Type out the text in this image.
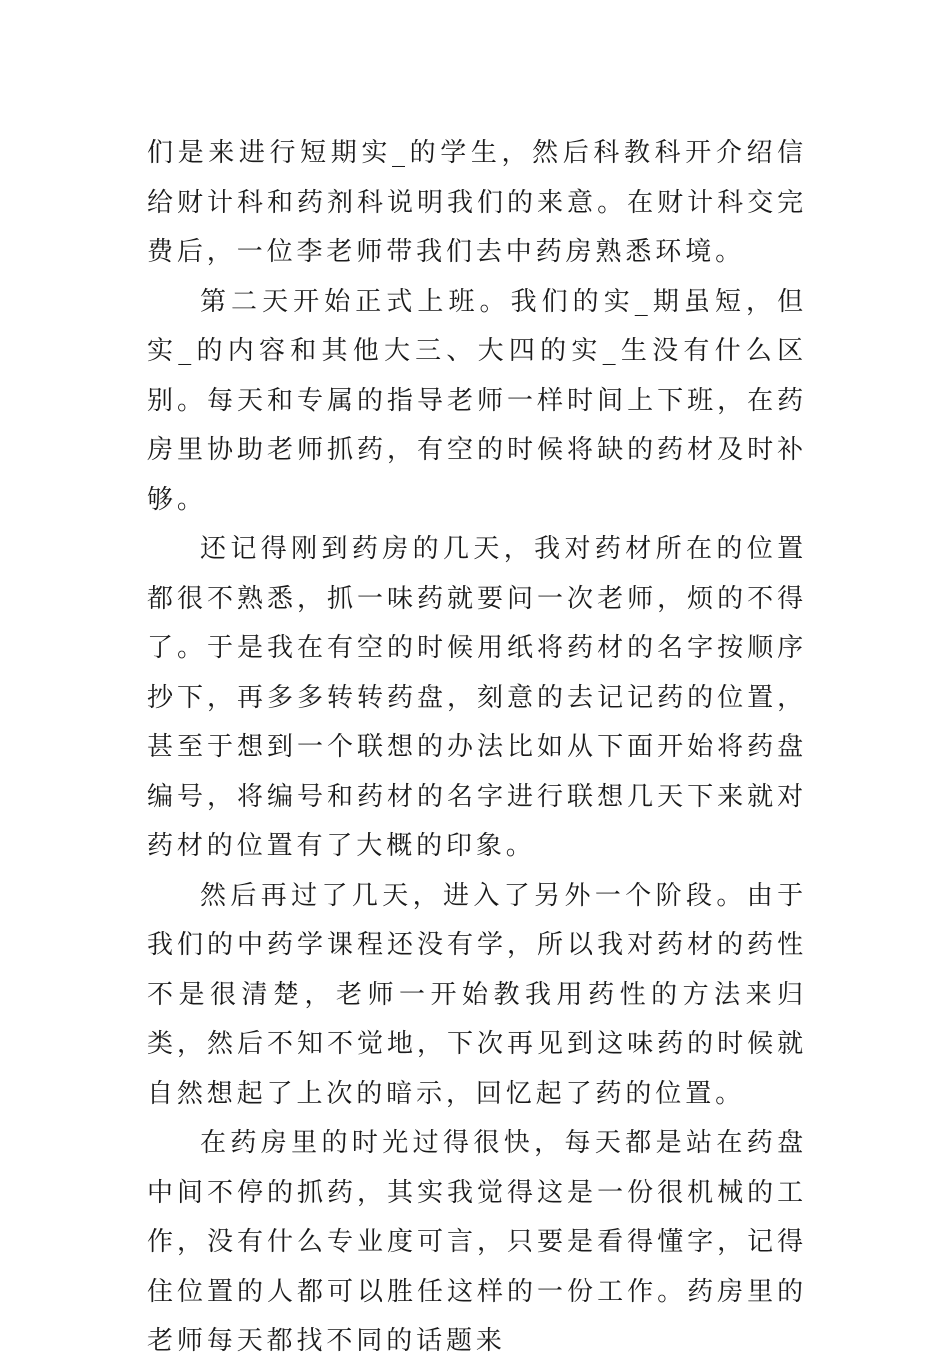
们是来进行短期实_的学生，然后科教科开介绍信给财计科和药剂科说明我们的来意。在财计科交完费后，一位李老师带我们去中药房熟悉环境。

第二天开始正式上班。我们的实_期虽短，但实_的内容和其他大三、大四的实_生没有什么区别。每天和专属的指导老师一样时间上下班，在药房里协助老师抓药，有空的时候将缺的药材及时补够。

还记得刚到药房的几天，我对药材所在的位置都很不熟悉，抓一味药就要问一次老师，烦的不得了。于是我在有空的时候用纸将药材的名字按顺序抄下，再多多转转药盘，刻意的去记记药的位置，甚至于想到一个联想的办法比如从下面开始将药盘编号，将编号和药材的名字进行联想几天下来就对药材的位置有了大概的印象。

然后再过了几天，进入了另外一个阶段。由于我们的中药学课程还没有学，所以我对药材的药性不是很清楚，老师一开始教我用药性的方法来归类，然后不知不觉地，下次再见到这味药的时候就自然想起了上次的暗示，回忆起了药的位置。

在药房里的时光过得很快，每天都是站在药盘中间不停的抓药，其实我觉得这是一份很机械的工作，没有什么专业度可言，只要是看得懂字，记得住位置的人都可以胜任这样的一份工作。药房里的老师每天都找不同的话题来
